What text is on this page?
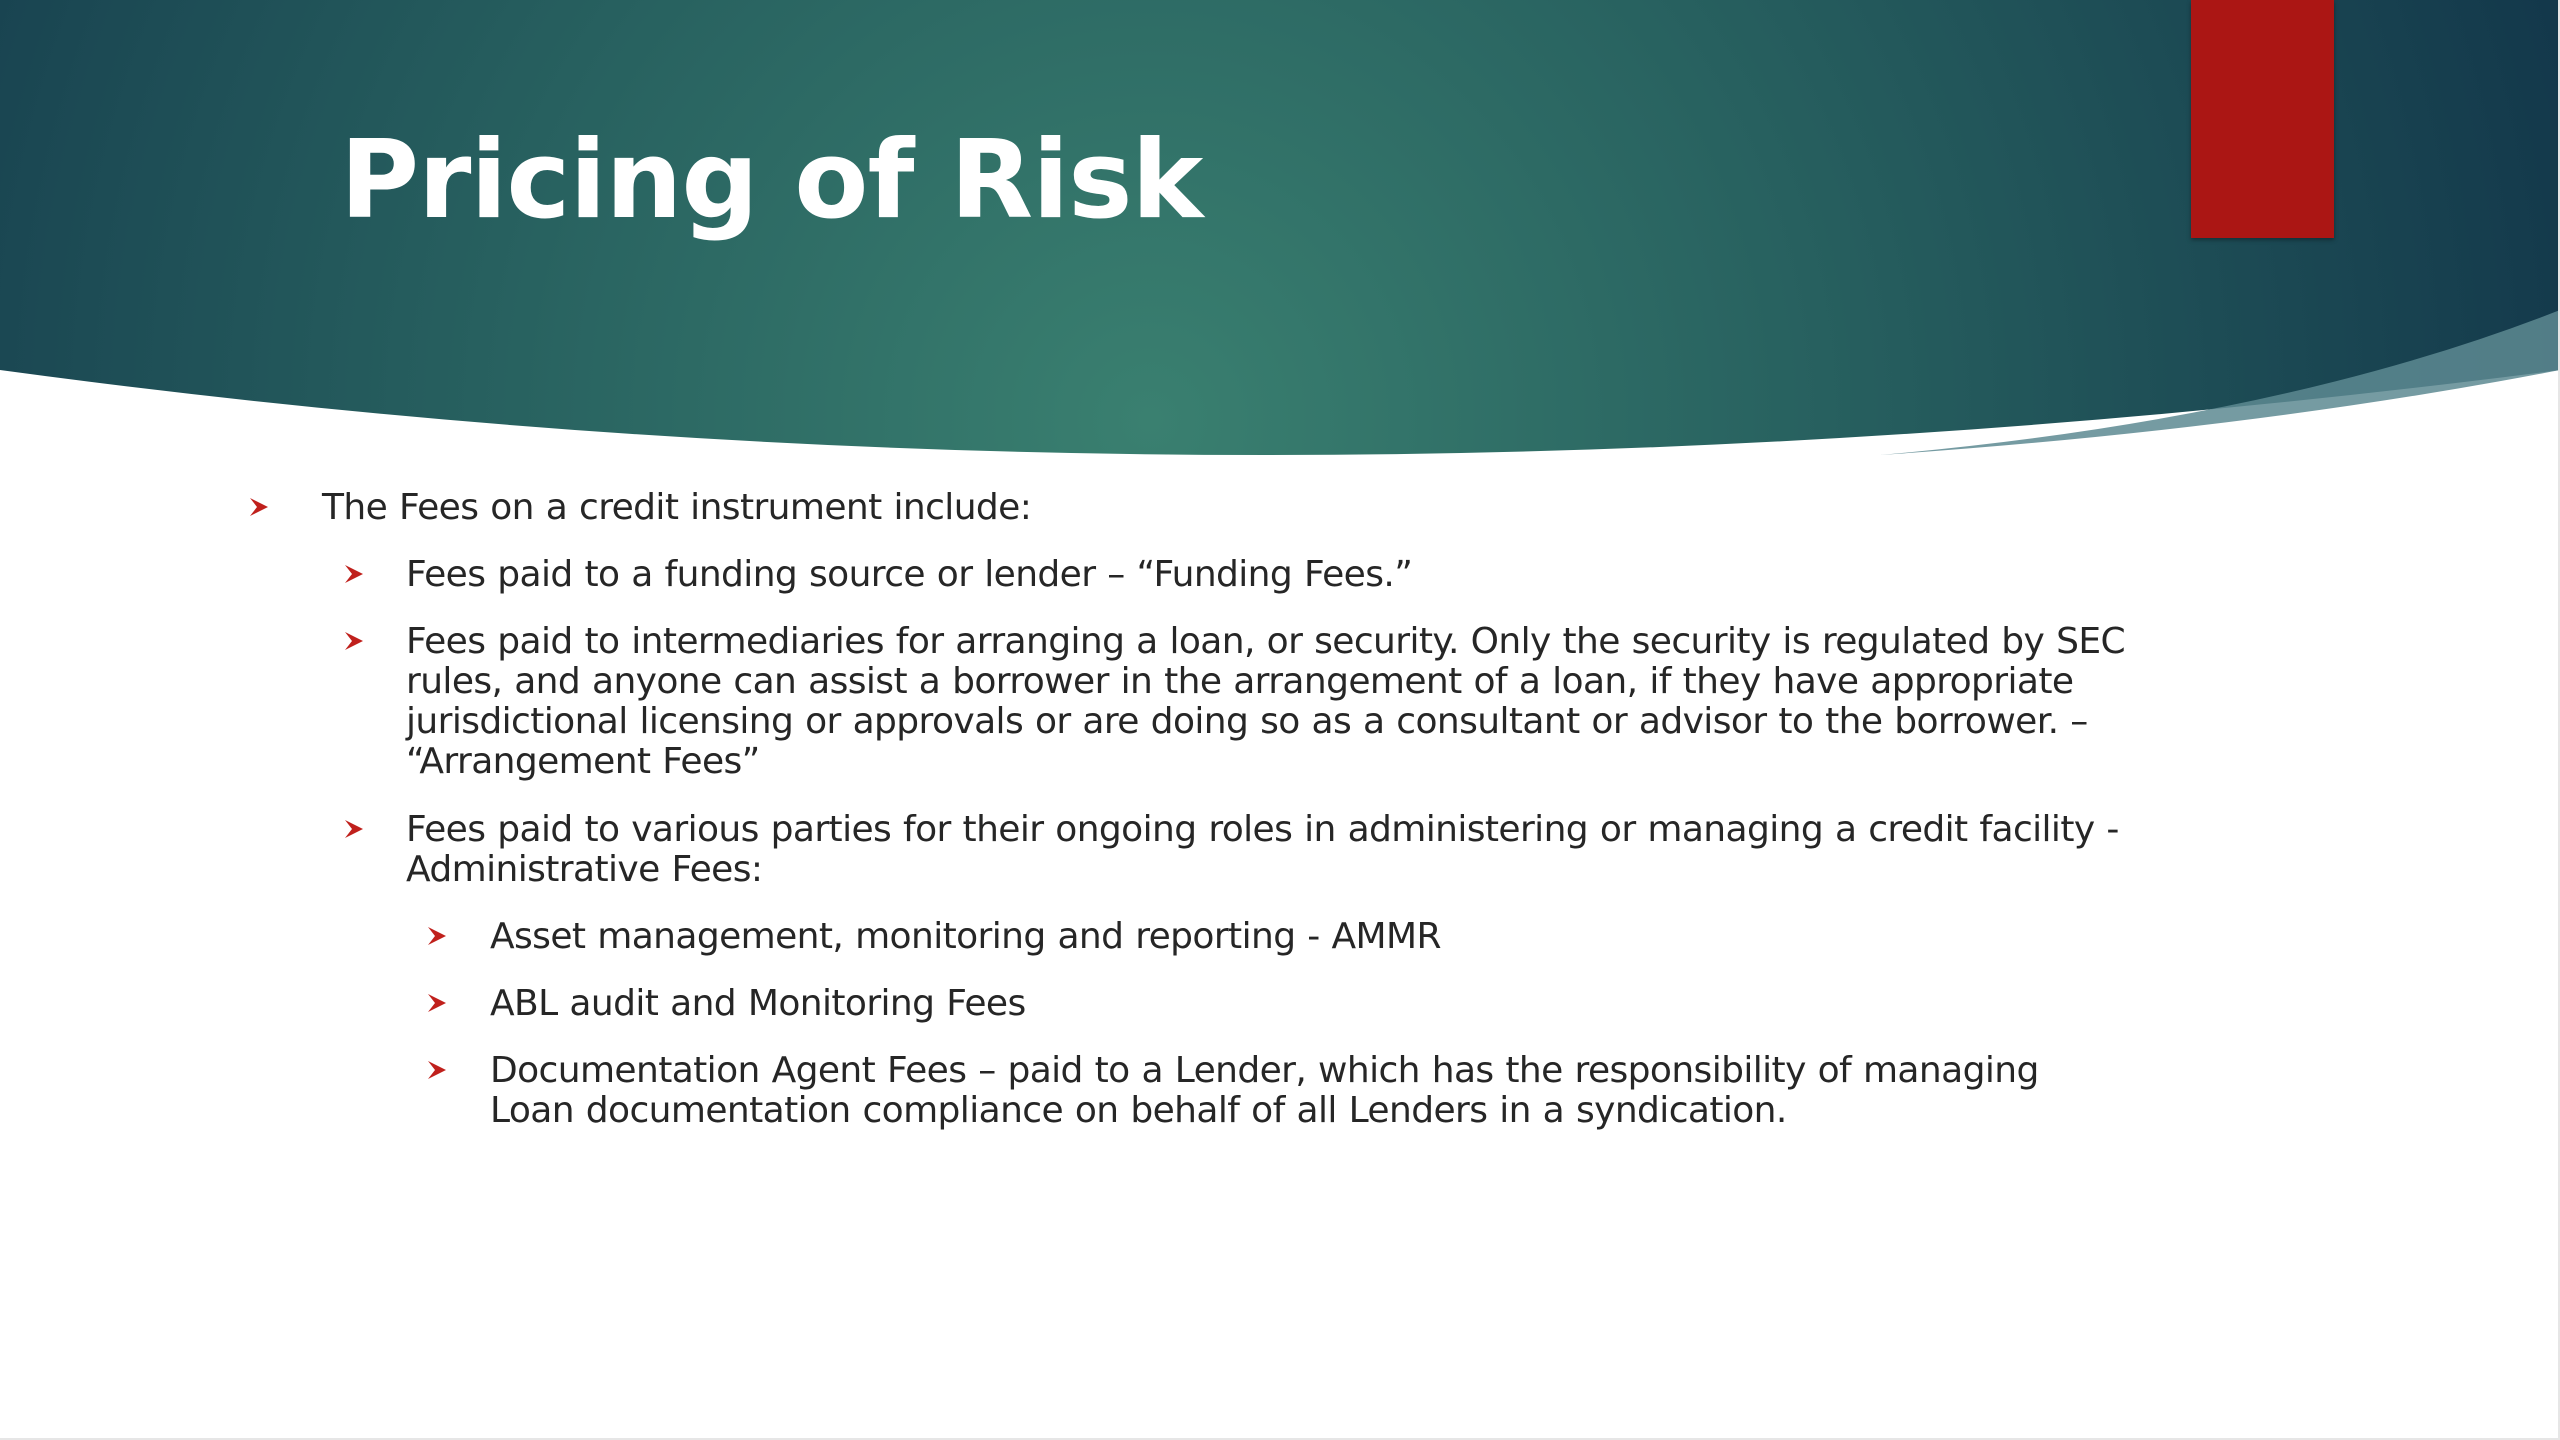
Pricing of Risk
The Fees on a credit instrument include:
Fees paid to a funding source or lender – “Funding Fees.”
Fees paid to intermediaries for arranging a loan, or security. Only the security is regulated by SEC rules, and anyone can assist a borrower in the arrangement of a loan, if they have appropriate jurisdictional licensing or approvals or are doing so as a consultant or advisor to the borrower. – “Arrangement Fees”
Fees paid to various parties for their ongoing roles in administering or managing a credit facility - Administrative Fees:
Asset management, monitoring and reporting - AMMR
ABL audit and Monitoring Fees
Documentation Agent Fees – paid to a Lender, which has the responsibility of managing Loan documentation compliance on behalf of all Lenders in a syndication.
